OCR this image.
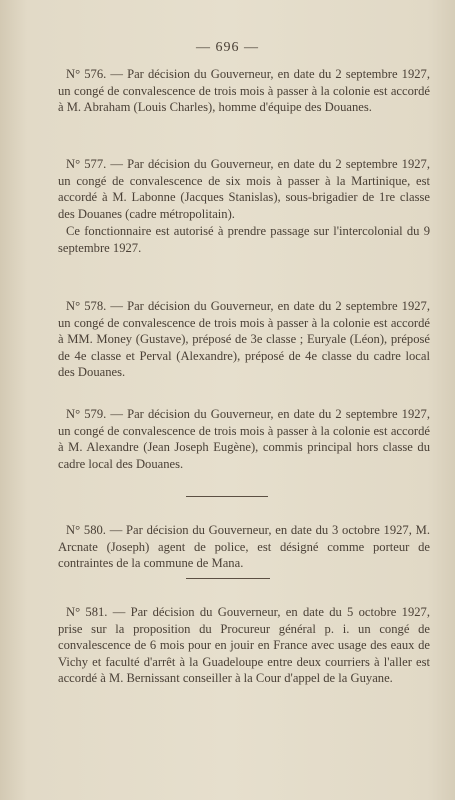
— 696 —

N° 576. — Par décision du Gouverneur, en date du 2 septembre 1927, un congé de convalescence de trois mois à passer à la colonie est accordé à M. Abraham (Louis Charles), homme d'équipe des Douanes.

N° 577. — Par décision du Gouverneur, en date du 2 septembre 1927, un congé de convalescence de six mois à passer à la Martinique, est accordé à M. Labonne (Jacques Stanislas), sous-brigadier de 1re classe des Douanes (cadre métropolitain).

Ce fonctionnaire est autorisé à prendre passage sur l'intercolonial du 9 septembre 1927.

N° 578. — Par décision du Gouverneur, en date du 2 septembre 1927, un congé de convalescence de trois mois à passer à la colonie est accordé à MM. Money (Gustave), préposé de 3e classe ; Euryale (Léon), préposé de 4e classe et Perval (Alexandre), préposé de 4e classe du cadre local des Douanes.

N° 579. — Par décision du Gouverneur, en date du 2 septembre 1927, un congé de convalescence de trois mois à passer à la colonie est accordé à M. Alexandre (Jean Joseph Eugène), commis principal hors classe du cadre local des Douanes.

N° 580. — Par décision du Gouverneur, en date du 3 octobre 1927, M. Arcnate (Joseph) agent de police, est désigné comme porteur de contraintes de la commune de Mana.

N° 581. — Par décision du Gouverneur, en date du 5 octobre 1927, prise sur la proposition du Procureur général p. i. un congé de convalescence de 6 mois pour en jouir en France avec usage des eaux de Vichy et faculté d'arrêt à la Guadeloupe entre deux courriers à l'aller est accordé à M. Bernissant conseiller à la Cour d'appel de la Guyane.
